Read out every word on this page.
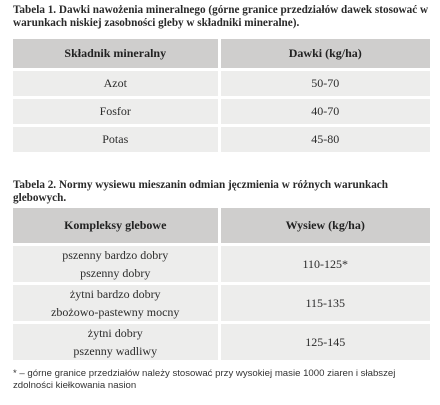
Tabela 1. Dawki nawożenia mineralnego (górne granice przedziałów dawek stosować w warunkach niskiej zasobności gleby w składniki mineralne).
Składnik mineralny	Dawki (kg/ha)
Azot	50-70
Fosfor	40-70
Potas	45-80
Tabela 2. Normy wysiewu mieszanin odmian jęczmienia w różnych warunkach glebowych.
Kompleksy glebowe	Wysiew (kg/ha)

pszenny bardzo dobry
pszenny dobry	110-125*

żytni bardzo dobry
zbożowo-pastewny mocny	115-135

żytni dobry
pszenny wadliwy	125-145
* – górne granice przedziałów należy stosować przy wysokiej masie 1000 ziaren i słabszej zdolności kiełkowania nasion
